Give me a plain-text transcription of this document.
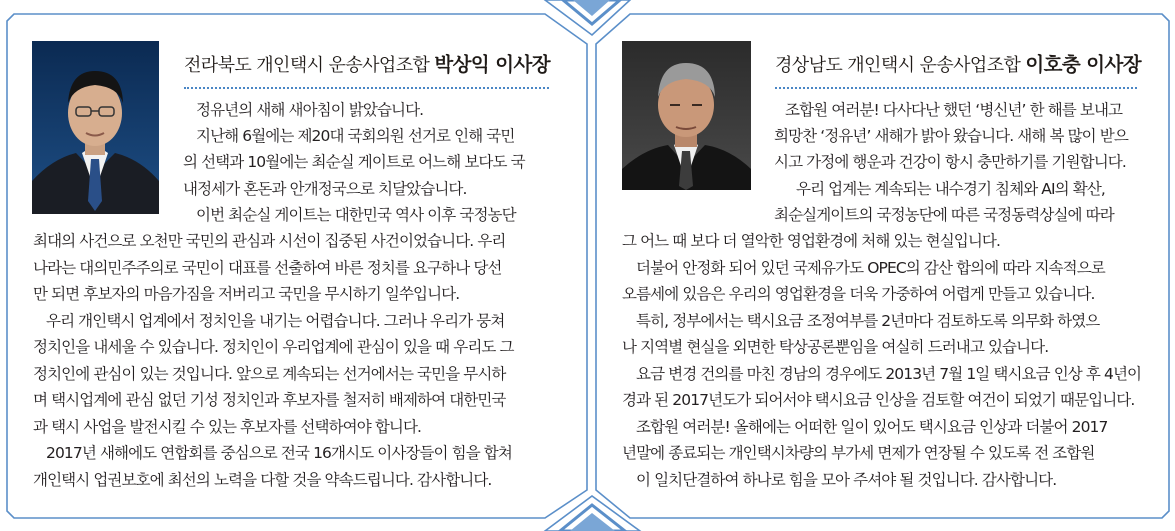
전라북도 개인택시 운송사업조합 박상익 이사장
정유년의 새해 새아침이 밝았습니다.
지난해 6월에는 제20대 국회의원 선거로 인해 국민
의 선택과 10월에는 최순실 게이트로 어느해 보다도 국
내정세가 혼돈과 안개정국으로 치달았습니다.
이번 최순실 게이트는 대한민국 역사 이후 국정농단
최대의 사건으로 오천만 국민의 관심과 시선이 집중된 사건이었습니다. 우리
나라는 대의민주주의로 국민이 대표를 선출하여 바른 정치를 요구하나 당선
만 되면 후보자의 마음가짐을 저버리고 국민을 무시하기 일쑤입니다.
우리 개인택시 업계에서 정치인을 내기는 어렵습니다. 그러나 우리가 뭉쳐
정치인을 내세울 수 있습니다. 정치인이 우리업계에 관심이 있을 때 우리도 그
정치인에 관심이 있는 것입니다. 앞으로 계속되는 선거에서는 국민을 무시하
며 택시업계에 관심 없던 기성 정치인과 후보자를 철저히 배제하여 대한민국
과 택시 사업을 발전시킬 수 있는 후보자를 선택하여야 합니다.
2017년 새해에도 연합회를 중심으로 전국 16개시도 이사장들이 힘을 합쳐
개인택시 업권보호에 최선의 노력을 다할 것을 약속드립니다. 감사합니다.
경상남도 개인택시 운송사업조합 이호충 이사장
조합원 여러분! 다사다난 했던 ‘병신년’ 한 해를 보내고
희망찬 ‘정유년’ 새해가 밝아 왔습니다. 새해 복 많이 받으
시고 가정에 행운과 건강이 항시 충만하기를 기원합니다.
우리 업계는 계속되는 내수경기 침체와 AI의 확산,
최순실게이트의 국정농단에 따른 국정동력상실에 따라
그 어느 때 보다 더 열악한 영업환경에 처해 있는 현실입니다.
더불어 안정화 되어 있던 국제유가도 OPEC의 감산 합의에 따라 지속적으로
오름세에 있음은 우리의 영업환경을 더욱 가중하여 어렵게 만들고 있습니다.
특히, 정부에서는 택시요금 조정여부를 2년마다 검토하도록 의무화 하였으
나 지역별 현실을 외면한 탁상공론뿐임을 여실히 드러내고 있습니다.
요금 변경 건의를 마친 경남의 경우에도 2013년 7월 1일 택시요금 인상 후 4년이
경과 된 2017년도가 되어서야 택시요금 인상을 검토할 여건이 되었기 때문입니다.
조합원 여러분! 올해에는 어떠한 일이 있어도 택시요금 인상과 더불어 2017
년말에 종료되는 개인택시차량의 부가세 면제가 연장될 수 있도록 전 조합원
이 일치단결하여 하나로 힘을 모아 주셔야 될 것입니다. 감사합니다.
